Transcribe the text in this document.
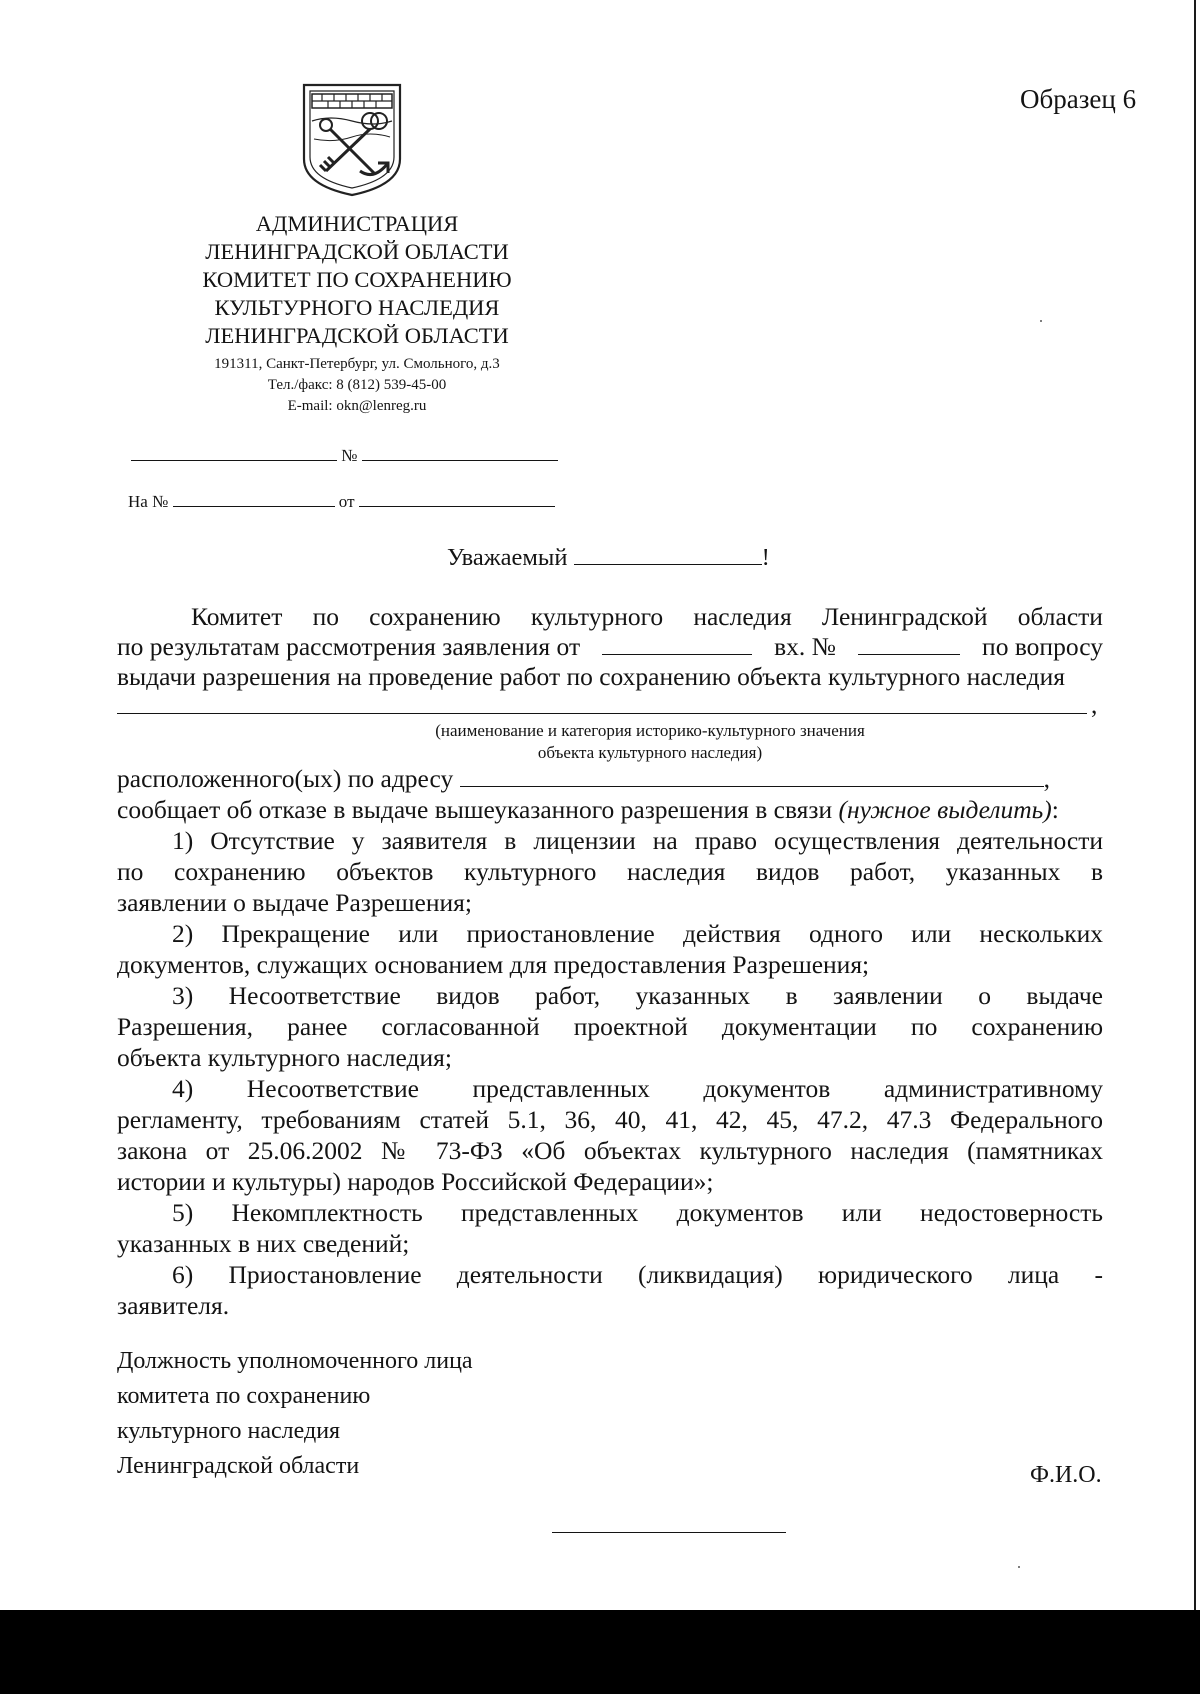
Образец 6
АДМИНИСТРАЦИЯ
ЛЕНИНГРАДСКОЙ ОБЛАСТИ
КОМИТЕТ ПО СОХРАНЕНИЮ
КУЛЬТУРНОГО НАСЛЕДИЯ
ЛЕНИНГРАДСКОЙ ОБЛАСТИ
191311, Санкт-Петербург, ул. Смольного, д.3
Тел./факс: 8 (812) 539-45-00
E-mail: okn@lenreg.ru
№
На №	от
Уважаемый	!
Комитет по сохранению культурного наследия Ленинградской области
по результатам рассмотрения заявления от	вх. №	по вопросу
выдачи разрешения на проведение работ по сохранению объекта культурного наследия
,
(наименование и категория историко-культурного значения
объекта культурного наследия)
расположенного(ых) по адресу	,
сообщает об отказе в выдаче вышеуказанного разрешения в связи (нужное выделить):
1) Отсутствие у заявителя в лицензии на право осуществления деятельности
по сохранению объектов культурного наследия видов работ, указанных в
заявлении о выдаче Разрешения;
2) Прекращение или приостановление действия одного или нескольких
документов, служащих основанием для предоставления Разрешения;
3) Несоответствие видов работ, указанных в заявлении о выдаче
Разрешения, ранее согласованной проектной документации по сохранению
объекта культурного наследия;
4) Несоответствие представленных документов административному
регламенту, требованиям статей 5.1, 36, 40, 41, 42, 45, 47.2, 47.3 Федерального
закона от 25.06.2002 № 73-ФЗ «Об объектах культурного наследия (памятниках
истории и культуры) народов Российской Федерации»;
5) Некомплектность представленных документов или недостоверность
указанных в них сведений;
6) Приостановление деятельности (ликвидация) юридического лица -
заявителя.
Должность уполномоченного лица
комитета по сохранению
культурного наследия
Ленинградской области	Ф.И.О.
